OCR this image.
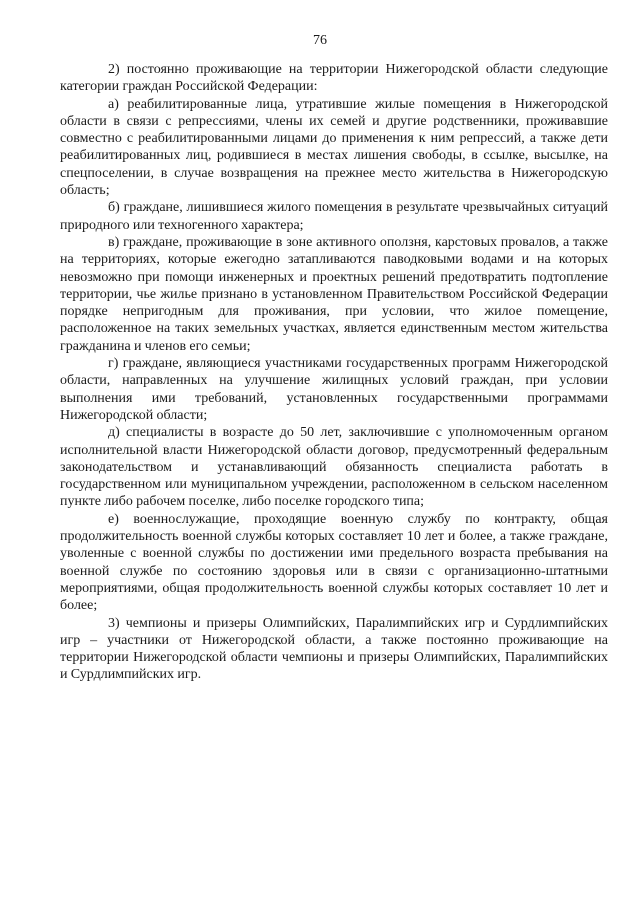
76

2) постоянно проживающие на территории Нижегородской области следующие категории граждан Российской Федерации:

а) реабилитированные лица, утратившие жилые помещения в Нижегородской области в связи с репрессиями, члены их семей и другие родственники, проживавшие совместно с реабилитированными лицами до применения к ним репрессий, а также дети реабилитированных лиц, родившиеся в местах лишения свободы, в ссылке, высылке, на спецпоселении, в случае возвращения на прежнее место жительства в Нижегородскую область;

б) граждане, лишившиеся жилого помещения в результате чрезвычайных ситуаций природного или техногенного характера;

в) граждане, проживающие в зоне активного оползня, карстовых провалов, а также на территориях, которые ежегодно затапливаются паводковыми водами и на которых невозможно при помощи инженерных и проектных решений предотвратить подтопление территории, чье жилье признано в установленном Правительством Российской Федерации порядке непригодным для проживания, при условии, что жилое помещение, расположенное на таких земельных участках, является единственным местом жительства гражданина и членов его семьи;

г) граждане, являющиеся участниками государственных программ Нижегородской области, направленных на улучшение жилищных условий граждан, при условии выполнения ими требований, установленных государственными программами Нижегородской области;

д) специалисты в возрасте до 50 лет, заключившие с уполномоченным органом исполнительной власти Нижегородской области договор, предусмотренный федеральным законодательством и устанавливающий обязанность специалиста работать в государственном или муниципальном учреждении, расположенном в сельском населенном пункте либо рабочем поселке, либо поселке городского типа;

е) военнослужащие, проходящие военную службу по контракту, общая продолжительность военной службы которых составляет 10 лет и более, а также граждане, уволенные с военной службы по достижении ими предельного возраста пребывания на военной службе по состоянию здоровья или в связи с организационно-штатными мероприятиями, общая продолжительность военной службы которых составляет 10 лет и более;

3) чемпионы и призеры Олимпийских, Паралимпийских игр и Сурдлимпийских игр – участники от Нижегородской области, а также постоянно проживающие на территории Нижегородской области чемпионы и призеры Олимпийских, Паралимпийских и Сурдлимпийских игр.
